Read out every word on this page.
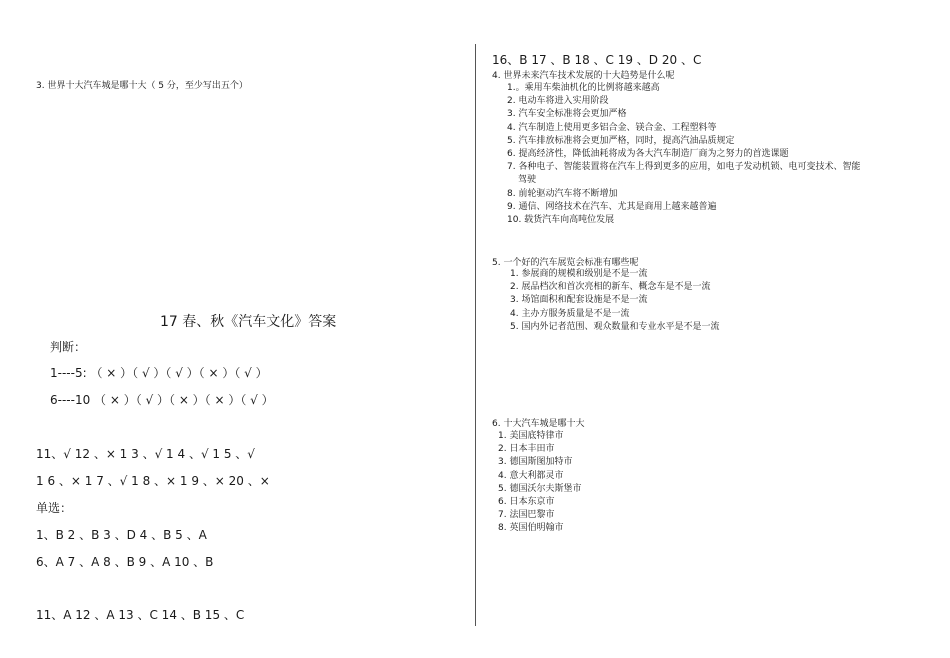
3. 世界十大汽车城是哪十大（ 5 分，至少写出五个）
17 春、秋《汽车文化》答案
判断：
1----5: （ × ）（ √ ）（ √ ）（ × ）（ √ ）
6----10 （ × ）（ √ ）（ × ）（ × ）（ √ ）
11、√ 12 、× 1 3 、√ 1 4 、√ 1 5 、√
1 6 、× 1 7 、√ 1 8 、× 1 9 、× 20 、×
单选：
1、B 2 、B 3 、D 4 、B 5 、A
6、A 7 、A 8 、B 9 、A 10 、B
11、A 12 、A 13 、C 14 、B 15 、C
16、B 17 、B 18 、C 19 、D 20 、C
4. 世界未来汽车技术发展的十大趋势是什么呢
1.。乘用车柴油机化的比例将越来越高
2. 电动车将进入实用阶段
3. 汽车安全标准将会更加严格
4. 汽车制造上使用更多铝合金、镁合金、工程塑料等
5. 汽车排放标准将会更加严格，同时，提高汽油品质规定
6. 提高经济性，降低油耗将成为各大汽车制造厂商为之努力的首选课题
7. 各种电子、智能装置将在汽车上得到更多的应用，如电子发动机锁、电可变技术、智能
驾驶
8. 前轮驱动汽车将不断增加
9. 通信、网络技术在汽车、尤其是商用上越来越普遍
10. 载货汽车向高吨位发展
5. 一个好的汽车展览会标准有哪些呢
1. 参展商的规模和级别是不是一流
2. 展品档次和首次亮相的新车、概念车是不是一流
3. 场馆面积和配套设施是不是一流
4. 主办方服务质量是不是一流
5. 国内外记者范围、观众数量和专业水平是不是一流
6. 十大汽车城是哪十大
1. 美国底特律市
2. 日本丰田市
3. 德国斯图加特市
4. 意大利都灵市
5. 德国沃尔夫斯堡市
6. 日本东京市
7. 法国巴黎市
8. 英国伯明翰市
